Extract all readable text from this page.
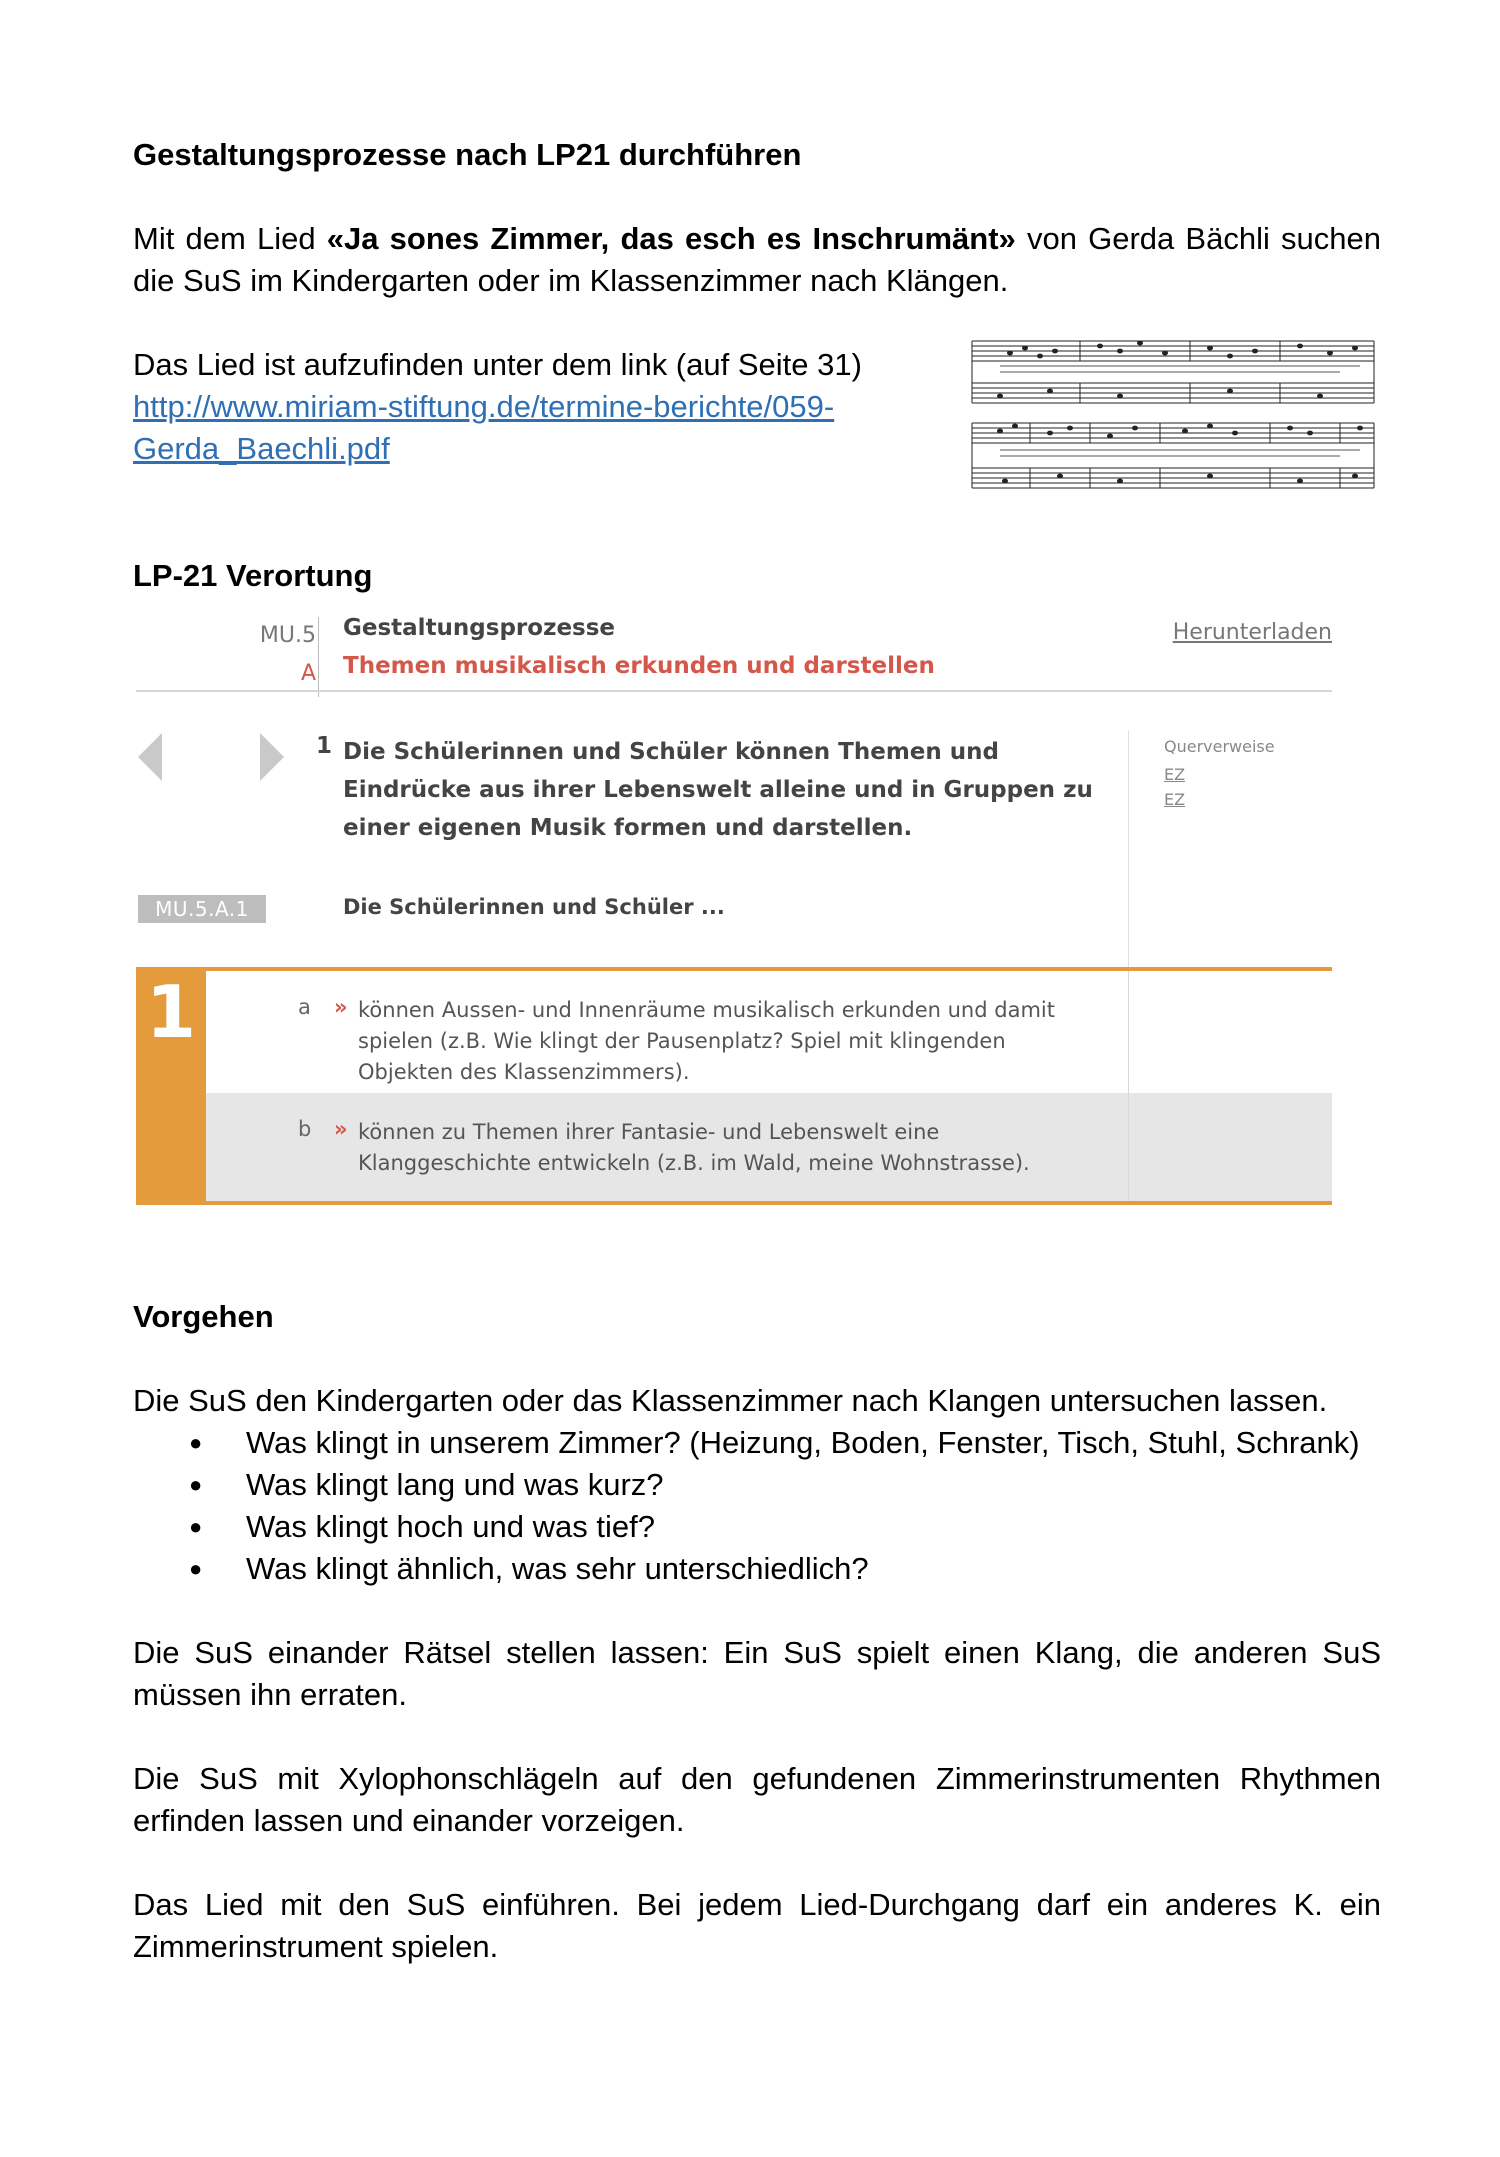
Gestaltungsprozesse nach LP21 durchführen
Mit dem Lied «Ja sones Zimmer, das esch es Inschrumänt» von Gerda Bächli suchen die SuS im Kindergarten oder im Klassenzimmer nach Klängen.
Das Lied ist aufzufinden unter dem link (auf Seite 31)
http://www.miriam-stiftung.de/termine-berichte/059-
Gerda_Baechli.pdf
LP-21 Verortung
MU.5
A
Gestaltungsprozesse
Themen musikalisch erkunden und darstellen
Herunterladen
1 Die Schülerinnen und Schüler können Themen und Eindrücke aus ihrer Lebenswelt alleine und in Gruppen zu einer eigenen Musik formen und darstellen.
Querverweise
EZ
EZ
MU.5.A.1	Die Schülerinnen und Schüler ...
a » können Aussen- und Innenräume musikalisch erkunden und damit spielen (z.B. Wie klingt der Pausenplatz? Spiel mit klingenden Objekten des Klassenzimmers).
b » können zu Themen ihrer Fantasie- und Lebenswelt eine Klanggeschichte entwickeln (z.B. im Wald, meine Wohnstrasse).
1
Vorgehen
Die SuS den Kindergarten oder das Klassenzimmer nach Klangen untersuchen lassen.
● Was klingt in unserem Zimmer? (Heizung, Boden, Fenster, Tisch, Stuhl, Schrank)
● Was klingt lang und was kurz?
● Was klingt hoch und was tief?
● Was klingt ähnlich, was sehr unterschiedlich?
Die SuS einander Rätsel stellen lassen: Ein SuS spielt einen Klang, die anderen SuS müssen ihn erraten.
Die SuS mit Xylophonschlägeln auf den gefundenen Zimmerinstrumenten Rhythmen erfinden lassen und einander vorzeigen.
Das Lied mit den SuS einführen. Bei jedem Lied-Durchgang darf ein anderes K. ein Zimmerinstrument spielen.
